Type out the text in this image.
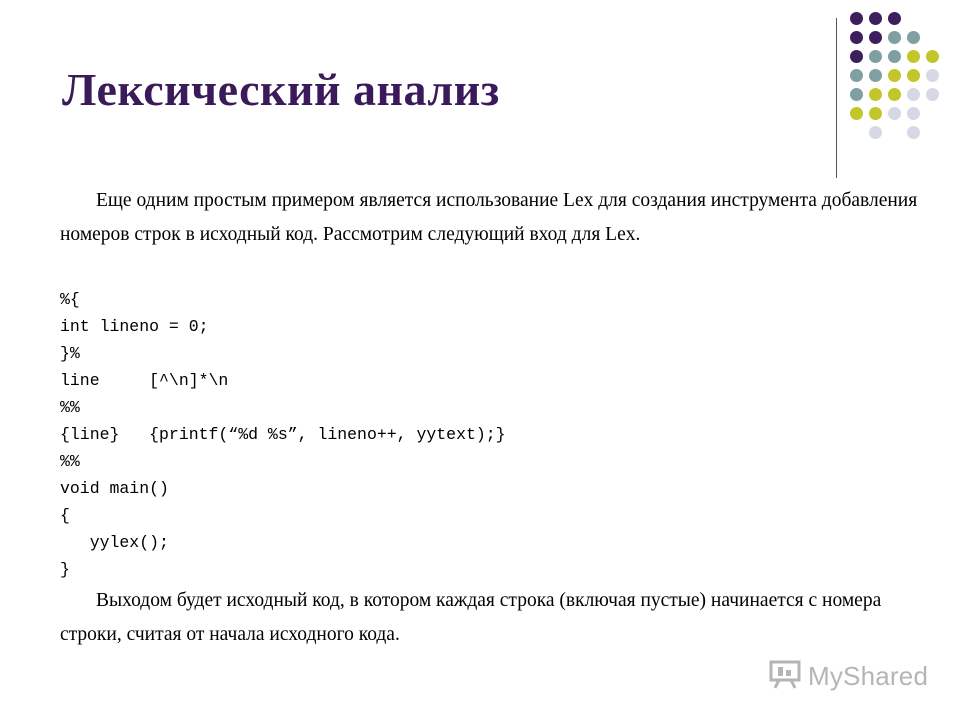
Лексический анализ

Еще одним простым примером является использование Lex для создания инструмента добавления номеров строк в исходный код. Рассмотрим следующий вход для Lex.

%{
int lineno = 0;
}%
line     [^\n]*\n
%%
{line}   {printf(“%d %s”, lineno++, yytext);}
%%
void main()
{
yylex();
}

Выходом будет исходный код, в котором каждая строка (включая пустые) начинается с номера строки, считая от начала исходного кода.

MyShared
